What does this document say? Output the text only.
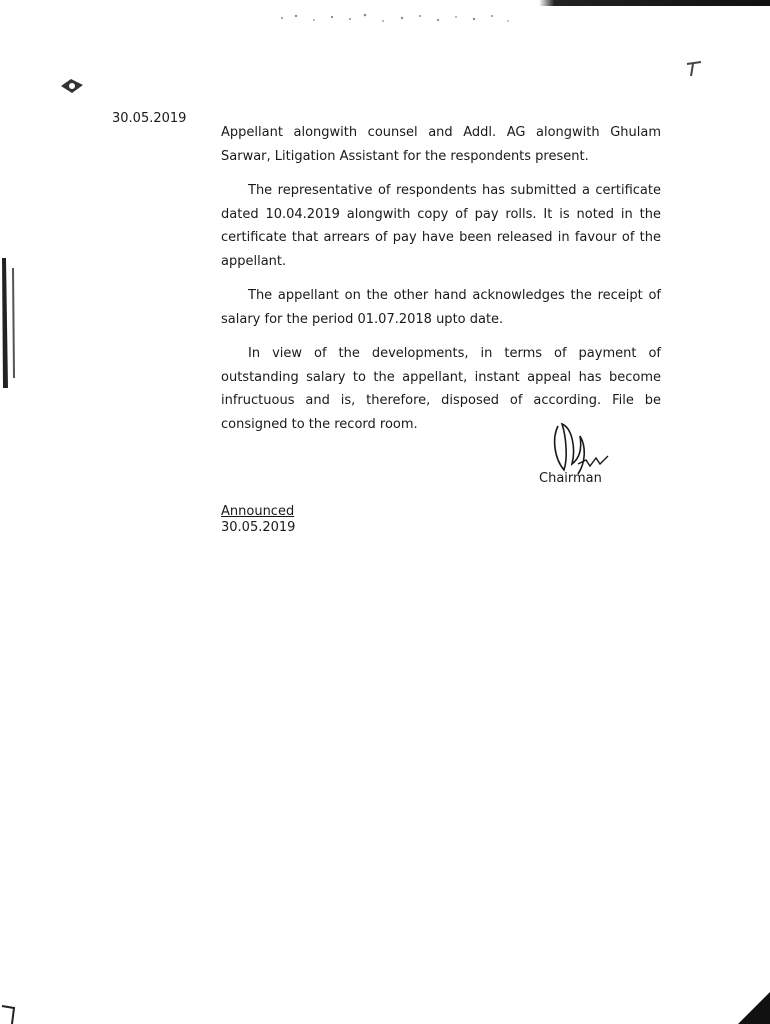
30.05.2019

Appellant alongwith counsel and Addl. AG alongwith Ghulam Sarwar, Litigation Assistant for the respondents present.

The representative of respondents has submitted a certificate dated 10.04.2019 alongwith copy of pay rolls. It is noted in the certificate that arrears of pay have been released in favour of the appellant.

The appellant on the other hand acknowledges the receipt of salary for the period 01.07.2018 upto date.

In view of the developments, in terms of payment of outstanding salary to the appellant, instant appeal has become infructuous and is, therefore, disposed of according. File be consigned to the record room.

Chairman
Announced
30.05.2019
